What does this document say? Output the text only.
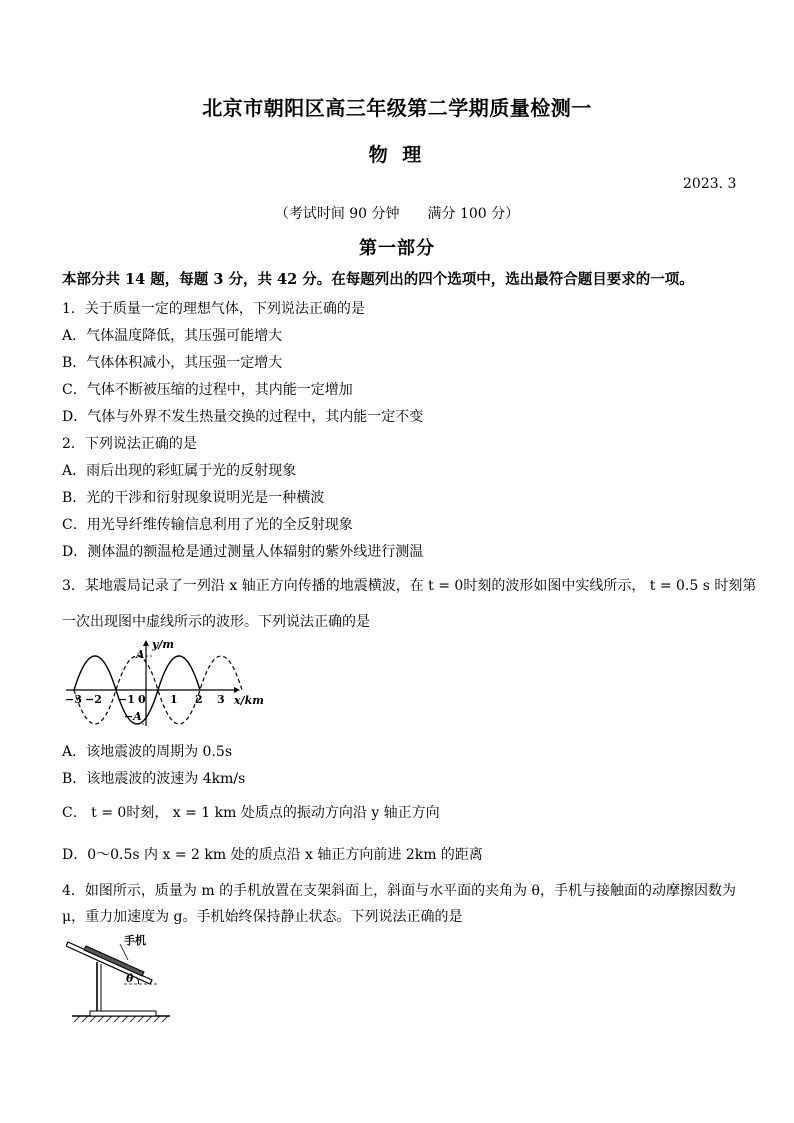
北京市朝阳区高三年级第二学期质量检测一
物 理
2023. 3
（考试时间 90 分钟　　满分 100 分）
第一部分
本部分共 14 题，每题 3 分，共 42 分。在每题列出的四个选项中，选出最符合题目要求的一项。
1．关于质量一定的理想气体，下列说法正确的是
A．气体温度降低，其压强可能增大
B．气体体积减小，其压强一定增大
C．气体不断被压缩的过程中，其内能一定增加
D．气体与外界不发生热量交换的过程中，其内能一定不变
2．下列说法正确的是
A．雨后出现的彩虹属于光的反射现象
B．光的干涉和衍射现象说明光是一种横波
C．用光导纤维传输信息利用了光的全反射现象
D．测体温的额温枪是通过测量人体辐射的紫外线进行测温
3．某地震局记录了一列沿 x 轴正方向传播的地震横波，在 t = 0时刻的波形如图中实线所示， t = 0.5 s 时刻第
一次出现图中虚线所示的波形。下列说法正确的是
−3 −2 −1 0 1 2 3
A
−A
y/m
x/km
A．该地震波的周期为 0.5s
B．该地震波的波速为 4km/s
C． t = 0时刻， x = 1 km 处质点的振动方向沿 y 轴正方向
D．0～0.5s 内 x = 2 km 处的质点沿 x 轴正方向前进 2km 的距离
4．如图所示，质量为 m 的手机放置在支架斜面上，斜面与水平面的夹角为 θ，手机与接触面的动摩擦因数为
μ，重力加速度为 g。手机始终保持静止状态。下列说法正确的是
θ
手机
